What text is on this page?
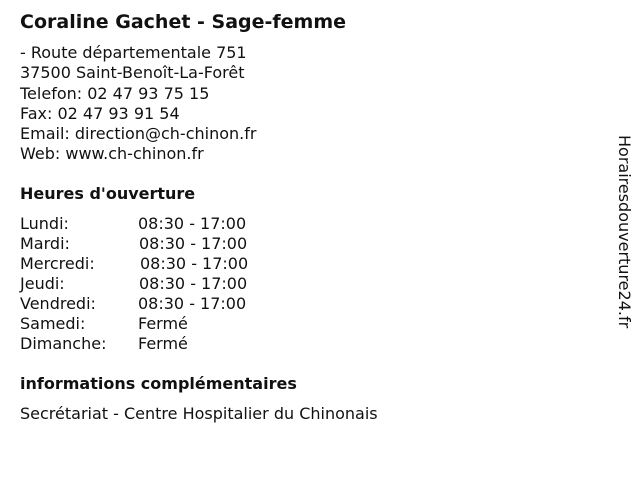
Coraline Gachet - Sage-femme
- Route départementale 751
37500 Saint-Benoît-La-Forêt
Telefon: 02 47 93 75 15
Fax: 02 47 93 91 54
Email: direction@ch-chinon.fr
Web: www.ch-chinon.fr
Heures d'ouverture
Lundi:	08:30 - 17:00
Mardi:	08:30 - 17:00
Mercredi:	08:30 - 17:00
Jeudi:	08:30 - 17:00
Vendredi:	08:30 - 17:00
Samedi:	Fermé
Dimanche: Fermé
informations complémentaires
Secrétariat - Centre Hospitalier du Chinonais
Horairesdouverture24.fr
